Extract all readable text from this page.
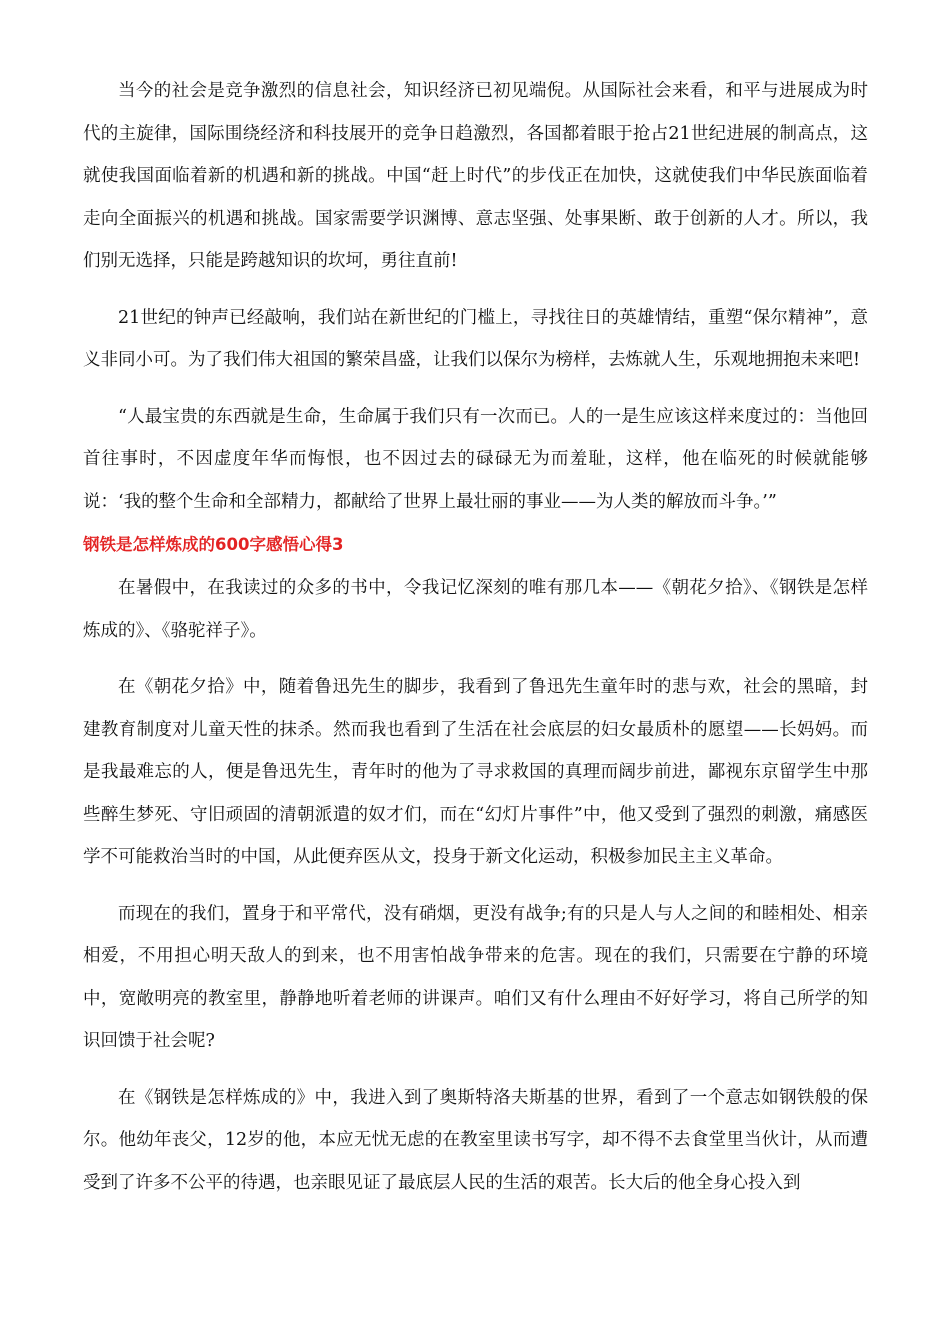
当今的社会是竞争激烈的信息社会，知识经济已初见端倪。从国际社会来看，和平与进展成为时代的主旋律，国际围绕经济和科技展开的竞争日趋激烈，各国都着眼于抢占21世纪进展的制高点，这就使我国面临着新的机遇和新的挑战。中国“赶上时代”的步伐正在加快，这就使我们中华民族面临着走向全面振兴的机遇和挑战。国家需要学识渊博、意志坚强、处事果断、敢于创新的人才。所以，我们别无选择，只能是跨越知识的坎坷，勇往直前!

21世纪的钟声已经敲响，我们站在新世纪的门槛上，寻找往日的英雄情结，重塑“保尔精神”，意义非同小可。为了我们伟大祖国的繁荣昌盛，让我们以保尔为榜样，去炼就人生，乐观地拥抱未来吧!

“人最宝贵的东西就是生命，生命属于我们只有一次而已。人的一是生应该这样来度过的：当他回首往事时，不因虚度年华而悔恨，也不因过去的碌碌无为而羞耻，这样，他在临死的时候就能够说：‘我的整个生命和全部精力，都献给了世界上最壮丽的事业——为人类的解放而斗争。’”

钢铁是怎样炼成的600字感悟心得3

在暑假中，在我读过的众多的书中，令我记忆深刻的唯有那几本——《朝花夕拾》、《钢铁是怎样炼成的》、《骆驼祥子》。

在《朝花夕拾》中，随着鲁迅先生的脚步，我看到了鲁迅先生童年时的悲与欢，社会的黑暗，封建教育制度对儿童天性的抹杀。然而我也看到了生活在社会底层的妇女最质朴的愿望——长妈妈。而是我最难忘的人，便是鲁迅先生，青年时的他为了寻求救国的真理而阔步前进，鄙视东京留学生中那些醉生梦死、守旧顽固的清朝派遣的奴才们，而在“幻灯片事件”中，他又受到了强烈的刺激，痛感医学不可能救治当时的中国，从此便弃医从文，投身于新文化运动，积极参加民主主义革命。

而现在的我们，置身于和平常代，没有硝烟，更没有战争;有的只是人与人之间的和睦相处、相亲相爱，不用担心明天敌人的到来，也不用害怕战争带来的危害。现在的我们，只需要在宁静的环境中，宽敞明亮的教室里，静静地听着老师的讲课声。咱们又有什么理由不好好学习，将自己所学的知识回馈于社会呢?

在《钢铁是怎样炼成的》中，我进入到了奥斯特洛夫斯基的世界，看到了一个意志如钢铁般的保尔。他幼年丧父，12岁的他，本应无忧无虑的在教室里读书写字，却不得不去食堂里当伙计，从而遭受到了许多不公平的待遇，也亲眼见证了最底层人民的生活的艰苦。长大后的他全身心投入到
